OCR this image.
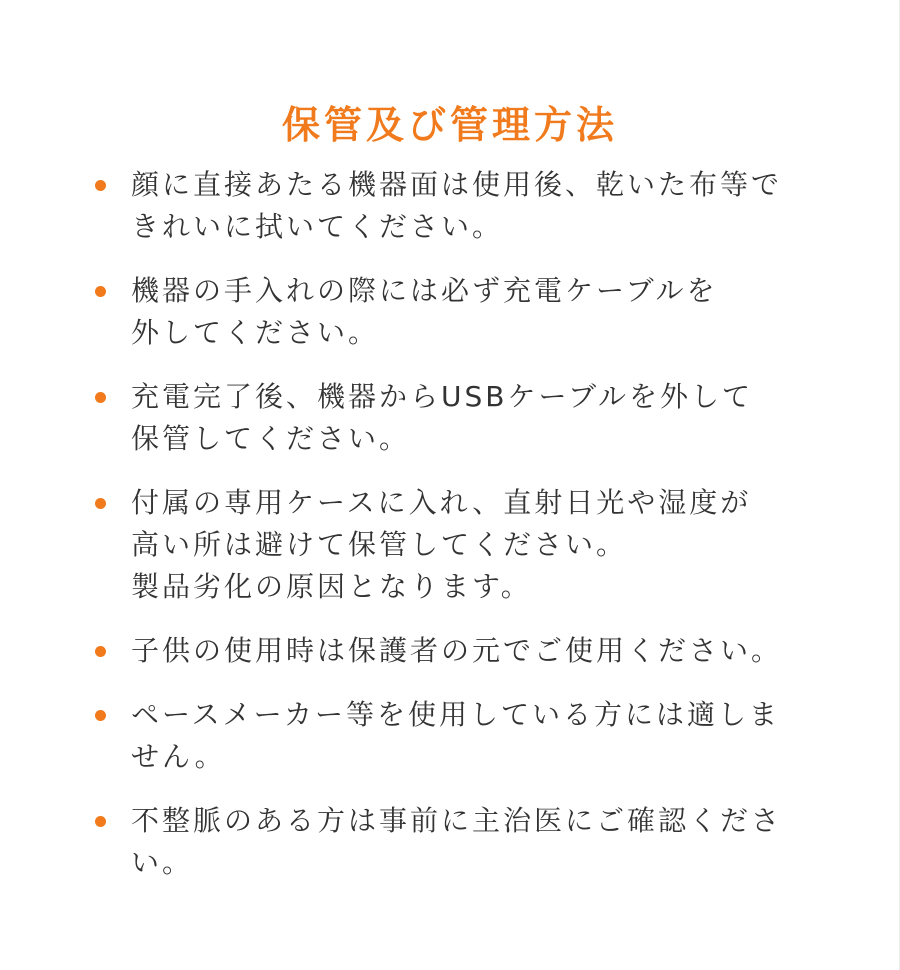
保管及び管理方法
顔に直接あたる機器面は使用後、乾いた布等で
きれいに拭いてください。
機器の手入れの際には必ず充電ケーブルを
外してください。
充電完了後、機器からUSBケーブルを外して
保管してください。
付属の専用ケースに入れ、直射日光や湿度が
高い所は避けて保管してください。
製品劣化の原因となります。
子供の使用時は保護者の元でご使用ください。
ペースメーカー等を使用している方には適しま
せん。
不整脈のある方は事前に主治医にご確認くださ
い。
